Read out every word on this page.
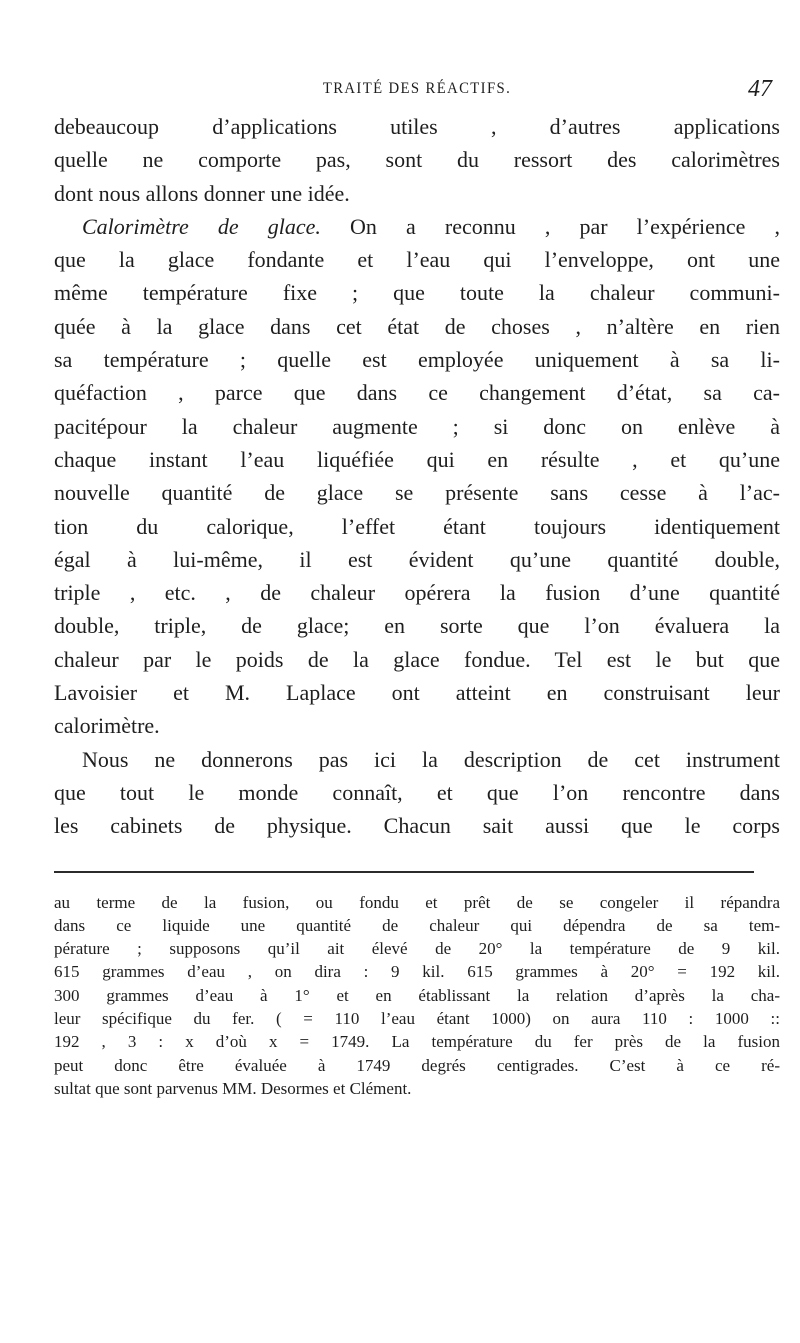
TRAITÉ DES RÉACTIFS.	47
debeaucoup d’applications utiles , d’autres applications
quelle ne comporte pas, sont du ressort des calorimètres
dont nous allons donner une idée.
Calorimètre de glace. On a reconnu , par l’expérience ,
que la glace fondante et l’eau qui l’enveloppe, ont une
même température fixe ; que toute la chaleur communi-
quée à la glace dans cet état de choses , n’altère en rien
sa température ; quelle est employée uniquement à sa li-
quéfaction , parce que dans ce changement d’état, sa ca-
pacitépour la chaleur augmente ; si donc on enlève à
chaque instant l’eau liquéfiée qui en résulte , et qu’une
nouvelle quantité de glace se présente sans cesse à l’ac-
tion du calorique, l’effet étant toujours identiquement
égal à lui-même, il est évident qu’une quantité double,
triple , etc. , de chaleur opérera la fusion d’une quantité
double, triple, de glace; en sorte que l’on évaluera la
chaleur par le poids de la glace fondue. Tel est le but que
Lavoisier et M. Laplace ont atteint en construisant leur
calorimètre.
Nous ne donnerons pas ici la description de cet instrument
que tout le monde connaît, et que l’on rencontre dans
les cabinets de physique. Chacun sait aussi que le corps
au terme de la fusion, ou fondu et prêt de se congeler il répandra
dans ce liquide une quantité de chaleur qui dépendra de sa tem-
pérature ; supposons qu’il ait élevé de 20° la température de 9 kil.
615 grammes d’eau , on dira : 9 kil. 615 grammes à 20° = 192 kil.
300 grammes d’eau à 1° et en établissant la relation d’après la cha-
leur spécifique du fer. ( = 110 l’eau étant 1000) on aura 110 : 1000 ::
192 , 3 : x d’où x = 1749. La température du fer près de la fusion
peut donc être évaluée à 1749 degrés centigrades. C’est à ce ré-
sultat que sont parvenus MM. Desormes et Clément.
